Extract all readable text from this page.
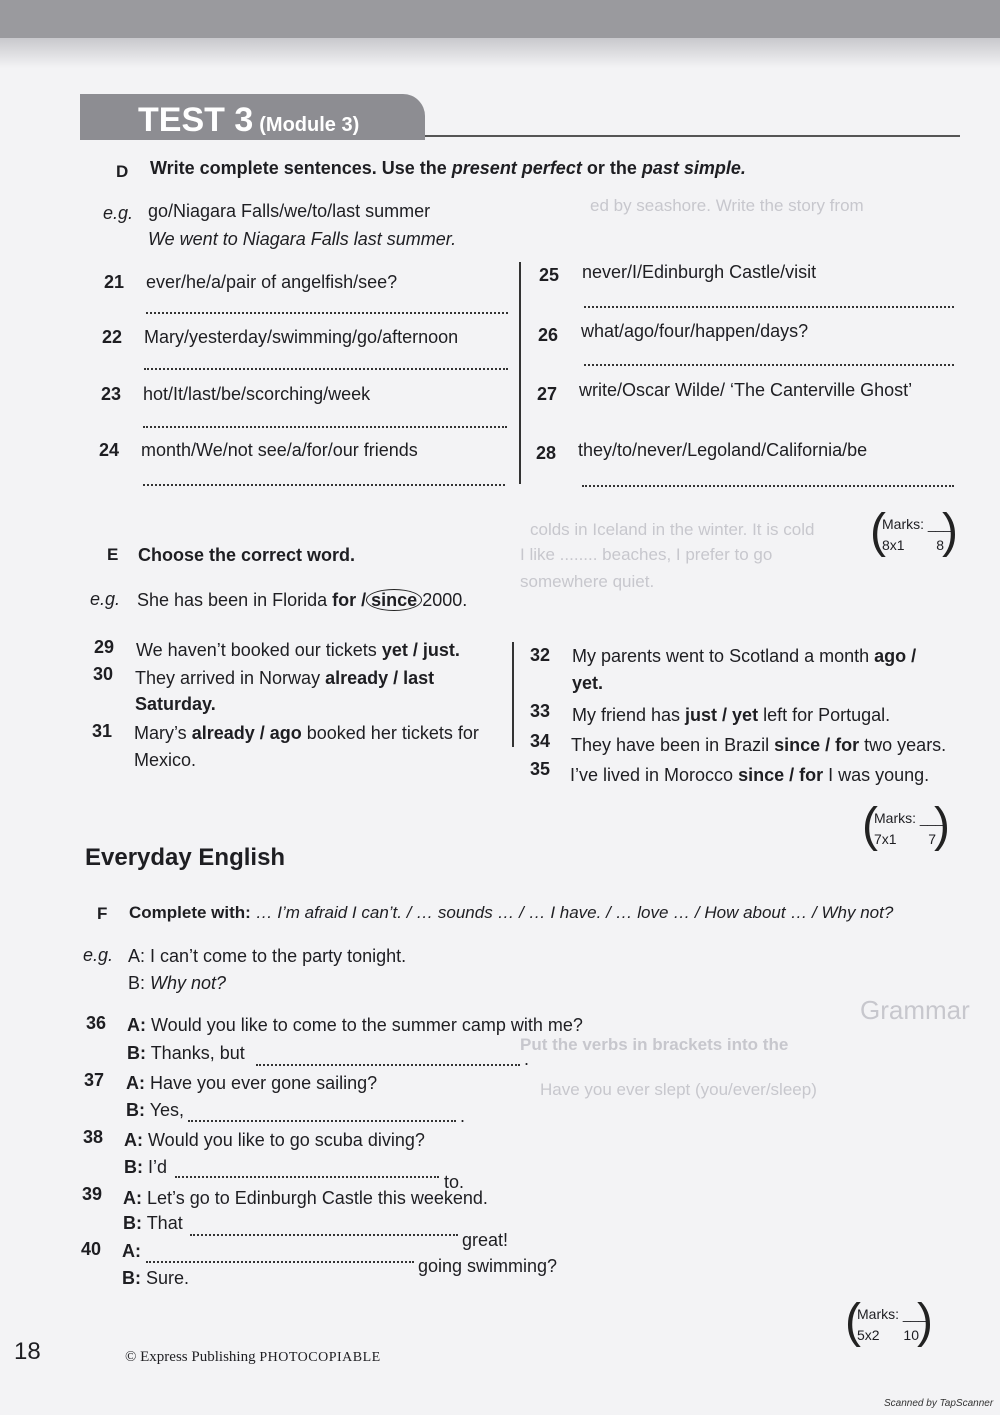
ed by seashore. Write the story from
colds in Iceland in the winter. It is cold
I like ........ beaches, I prefer to go
somewhere quiet.
Put the verbs in brackets into the
Have you ever slept (you/ever/sleep)
Grammar
TEST 3 (Module 3)
D Write complete sentences. Use the present perfect or the past simple.
e.g. go/Niagara Falls/we/to/last summer
We went to Niagara Falls last summer.
21 ever/he/a/pair of angelfish/see?
22 Mary/yesterday/swimming/go/afternoon
23 hot/It/last/be/scorching/week
24 month/We/not see/a/for/our friends
25 never/I/Edinburgh Castle/visit
26 what/ago/four/happen/days?
27 write/Oscar Wilde/ ‘The Canterville Ghost’
28 they/to/never/Legoland/California/be
( )
Marks: ___
8x1 8
E Choose the correct word.
e.g. She has been in Florida for / since 2000.
29 We haven’t booked our tickets yet / just.
30 They arrived in Norway already / last
Saturday.
31 Mary’s already / ago booked her tickets for
Mexico.
32 My parents went to Scotland a month ago /
yet.
33 My friend has just / yet left for Portugal.
34 They have been in Brazil since / for two years.
35 I’ve lived in Morocco since / for I was young.
( )
Marks: ___
7x1 7
Everyday English
F Complete with: … I’m afraid I can’t. / … sounds … / … I have. / … love … / How about … / Why not?
e.g. A: I can’t come to the party tonight.
B: Why not?
36 A: Would you like to come to the summer camp with me?
B: Thanks, but	.
37 A: Have you ever gone sailing?
B: Yes,	.
38 A: Would you like to go scuba diving?
B: I’d
to.
39 A: Let’s go to Edinburgh Castle this weekend.
B: That
great!
40 A:
going swimming?
B: Sure.
( )
Marks: ___
5x2 10
18	© Express Publishing PHOTOCOPIABLE
Scanned by TapScanner
